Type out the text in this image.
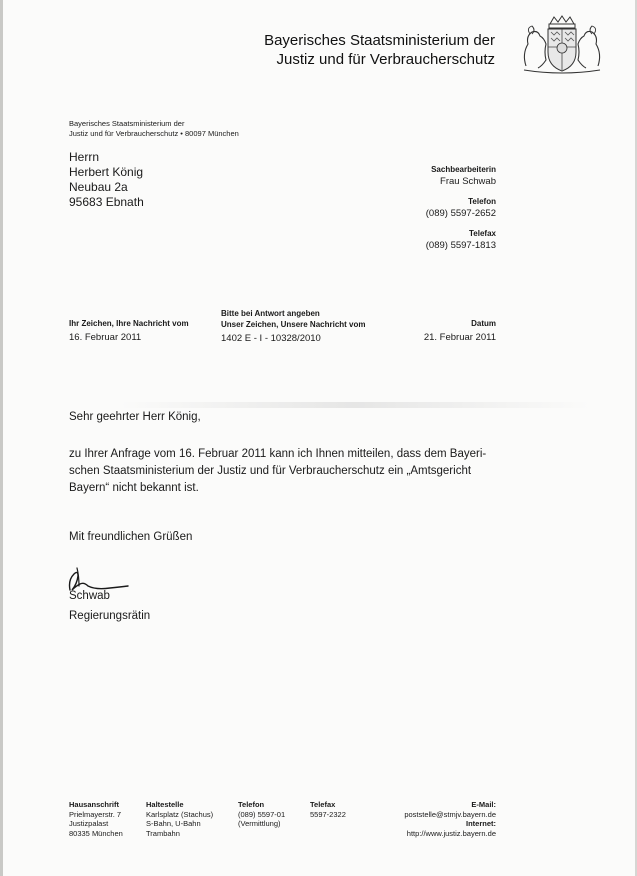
Bayerisches Staatsministerium der
Justiz und für Verbraucherschutz
Bayerisches Staatsministerium der
Justiz und für Verbraucherschutz • 80097 München
Herrn
Herbert König
Neubau 2a
95683 Ebnath
Sachbearbeiterin
Frau Schwab
Telefon
(089) 5597-2652
Telefax
(089) 5597-1813
Ihr Zeichen, Ihre Nachricht vom
16. Februar 2011
Bitte bei Antwort angeben
Unser Zeichen, Unsere Nachricht vom
1402 E - I - 10328/2010
Datum
21. Februar 2011
Sehr geehrter Herr König,
zu Ihrer Anfrage vom 16. Februar 2011 kann ich Ihnen mitteilen, dass dem Bayeri-
schen Staatsministerium der Justiz und für Verbraucherschutz ein „Amtsgericht
Bayern“ nicht bekannt ist.
Mit freundlichen Grüßen
Schwab
Regierungsrätin
Hausanschrift
Prielmayerstr. 7
Justizpalast
80335 München
Haltestelle
Karlsplatz (Stachus)
S-Bahn, U-Bahn
Trambahn
Telefon
(089) 5597-01
(Vermittlung)
Telefax
5597-2322
E-Mail:
poststelle@stmjv.bayern.de
Internet:
http://www.justiz.bayern.de
